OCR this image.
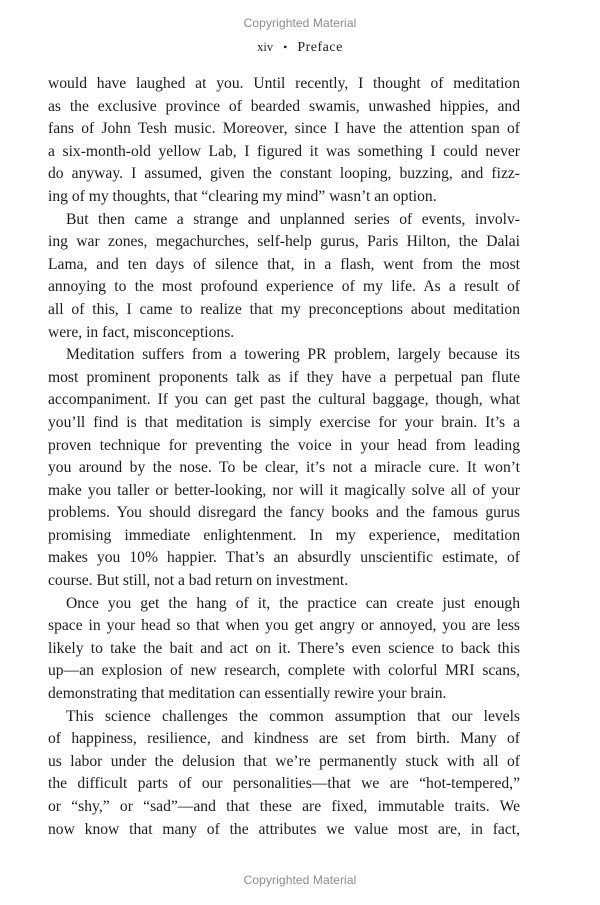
Copyrighted Material
xiv • Preface

would have laughed at you. Until recently, I thought of meditation

as the exclusive province of bearded swamis, unwashed hippies, and

fans of John Tesh music. Moreover, since I have the attention span of

a six-month-old yellow Lab, I figured it was something I could never

do anyway. I assumed, given the constant looping, buzzing, and fizz-

ing of my thoughts, that “clearing my mind” wasn’t an option.

But then came a strange and unplanned series of events, involv-

ing war zones, megachurches, self-help gurus, Paris Hilton, the Dalai

Lama, and ten days of silence that, in a flash, went from the most

annoying to the most profound experience of my life. As a result of

all of this, I came to realize that my preconceptions about meditation

were, in fact, misconceptions.

Meditation suffers from a towering PR problem, largely because its

most prominent proponents talk as if they have a perpetual pan flute

accompaniment. If you can get past the cultural baggage, though, what

you’ll find is that meditation is simply exercise for your brain. It’s a

proven technique for preventing the voice in your head from leading

you around by the nose. To be clear, it’s not a miracle cure. It won’t

make you taller or better-looking, nor will it magically solve all of your

problems. You should disregard the fancy books and the famous gurus

promising immediate enlightenment. In my experience, meditation

makes you 10% happier. That’s an absurdly unscientific estimate, of

course. But still, not a bad return on investment.

Once you get the hang of it, the practice can create just enough

space in your head so that when you get angry or annoyed, you are less

likely to take the bait and act on it. There’s even science to back this

up—an explosion of new research, complete with colorful MRI scans,

demonstrating that meditation can essentially rewire your brain.

This science challenges the common assumption that our levels

of happiness, resilience, and kindness are set from birth. Many of

us labor under the delusion that we’re permanently stuck with all of

the difficult parts of our personalities—that we are “hot-tempered,”

or “shy,” or “sad”—and that these are fixed, immutable traits. We

now know that many of the attributes we value most are, in fact,

Copyrighted Material
